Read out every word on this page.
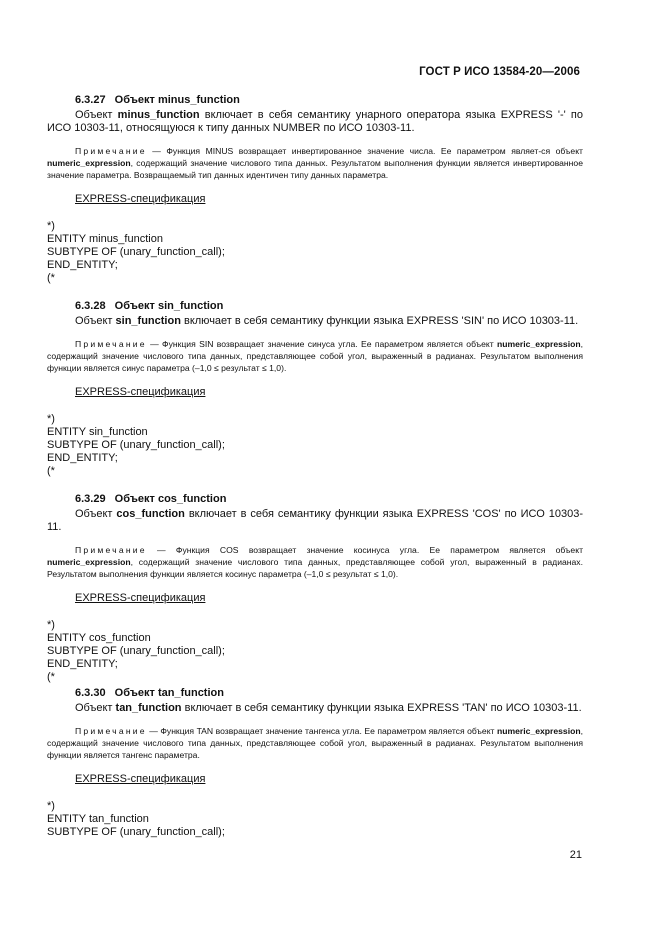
ГОСТ Р ИСО 13584-20—2006
6.3.27 Объект minus_function

Объект minus_function включает в себя семантику унарного оператора языка EXPRESS '-' по ИСО 10303-11, относящуюся к типу данных NUMBER по ИСО 10303-11.

Примечание — Функция MINUS возвращает инвертированное значение числа. Ее параметром являет-ся объект numeric_expression, содержащий значение числового типа данных. Результатом выполнения функции является инвертированное значение параметра. Возвращаемый тип данных идентичен типу данных параметра.

EXPRESS-спецификация
*)
ENTITY minus_function
SUBTYPE OF (unary_function_call);
END_ENTITY;
(*
6.3.28 Объект sin_function

Объект sin_function включает в себя семантику функции языка EXPRESS 'SIN' по ИСО 10303-11.

Примечание — Функция SIN возвращает значение синуса угла. Ее параметром является объект numeric_expression, содержащий значение числового типа данных, представляющее собой угол, выраженный в радианах. Результатом выполнения функции является синус параметра (–1,0 ≤ результат ≤ 1,0).

EXPRESS-спецификация
*)
ENTITY sin_function
SUBTYPE OF (unary_function_call);
END_ENTITY;
(*
6.3.29 Объект cos_function

Объект cos_function включает в себя семантику функции языка EXPRESS 'COS' по ИСО 10303-11.

Примечание — Функция COS возвращает значение косинуса угла. Ее параметром является объект numeric_expression, содержащий значение числового типа данных, представляющее собой угол, выраженный в радианах. Результатом выполнения функции является косинус параметра (–1,0 ≤ результат ≤ 1,0).

EXPRESS-спецификация
*)
ENTITY cos_function
SUBTYPE OF (unary_function_call);
END_ENTITY;
(*
6.3.30 Объект tan_function

Объект tan_function включает в себя семантику функции языка EXPRESS 'TAN' по ИСО 10303-11.

Примечание — Функция TAN возвращает значение тангенса угла. Ее параметром является объект numeric_expression, содержащий значение числового типа данных, представляющее собой угол, выраженный в радианах. Результатом выполнения функции является тангенс параметра.

EXPRESS-спецификация
*)
ENTITY tan_function
SUBTYPE OF (unary_function_call);
21
